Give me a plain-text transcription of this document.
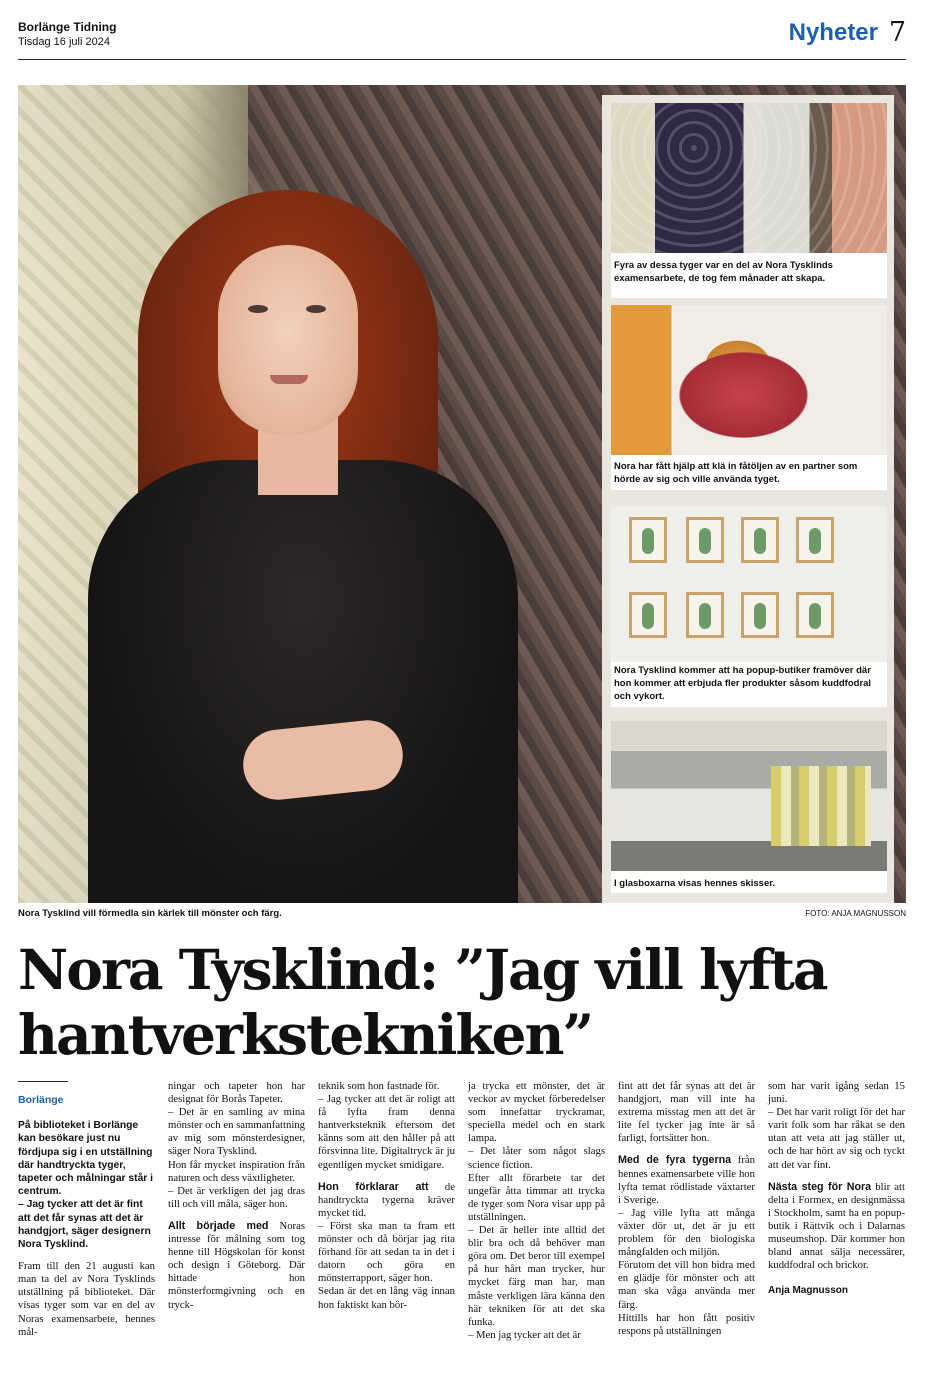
Borlänge Tidning
Tisdag 16 juli 2024	Nyheter 7
Fyra av dessa tyger var en del av Nora Tysklinds examensarbete, de tog fem månader att skapa.
Nora har fått hjälp att klä in fåtöljen av en partner som hörde av sig och ville använda tyget.
Nora Tysklind kommer att ha popup-butiker framöver där hon kommer att erbjuda fler produkter såsom kuddfodral och vykort.
I glasboxarna visas hennes skisser.
Nora Tysklind vill förmedla sin kärlek till mönster och färg.	FOTO: ANJA MAGNUSSON
Nora Tysklind: ”Jag vill lyfta hantverkstekniken”
Borlänge

På biblioteket i Borlänge kan besökare just nu fördjupa sig i en utställning där handtryckta tyger, tapeter och målningar står i centrum.

– Jag tycker att det är fint att det får synas att det är handgjort, säger designern Nora Tysklind.

Fram till den 21 augusti kan man ta del av Nora Tysklinds utställning på biblioteket. Där visas tyger som var en del av Noras examensarbete, hennes mål-

ningar och tapeter hon har designat för Borås Tapeter.

– Det är en samling av mina mönster och en sammanfattning av mig som mönsterdesigner, säger Nora Tysklind.

Hon får mycket inspiration från naturen och dess växtligheter.

– Det är verkligen det jag dras till och vill måla, säger hon.

Allt började med Noras intresse för målning som tog henne till Högskolan för konst och design i Göteborg. Där hittade hon mönsterformgivning och en tryck-

teknik som hon fastnade för.

– Jag tycker att det är roligt att få lyfta fram denna hantverksteknik eftersom det känns som att den håller på att försvinna lite. Digitaltryck är ju egentligen mycket smidigare.

Hon förklarar att de handtryckta tygerna kräver mycket tid.

– Först ska man ta fram ett mönster och då börjar jag rita förhand för att sedan ta in det i datorn och göra en mönsterrapport, säger hon.

Sedan är det en lång väg innan hon faktiskt kan bör-

ja trycka ett mönster, det är veckor av mycket förberedelser som innefattar tryckramar, speciella medel och en stark lampa.

– Det låter som något slags science fiction.

Efter allt förarbete tar det ungefär åtta timmar att trycka de tyger som Nora visar upp på utställningen.

– Det är heller inte alltid det blir bra och då behöver man göra om. Det beror till exempel på hur hårt man trycker, hur mycket färg man har, man måste verkligen lära känna den här tekniken för att det ska funka.

– Men jag tycker att det är

fint att det får synas att det är handgjort, man vill inte ha extrema misstag men att det är lite fel tycker jag inte är så farligt, fortsätter hon.

Med de fyra tygerna från hennes examensarbete ville hon lyfta temat rödlistade växtarter i Sverige.

– Jag ville lyfta att många växter dör ut, det är ju ett problem för den biologiska mångfalden och miljön.

Förutom det vill hon bidra med en glädje för mönster och att man ska våga använda mer färg.

Hittills har hon fått positiv respons på utställningen

som har varit igång sedan 15 juni.

– Det har varit roligt för det har varit folk som har råkat se den utan att veta att jag ställer ut, och de har hört av sig och tyckt att det var fint.

Nästa steg för Nora blir att delta i Formex, en designmässa i Stockholm, samt ha en popup-butik i Rättvik och i Dalarnas museumshop. Där kommer hon bland annat sälja necessärer, kuddfodral och brickor.

Anja Magnusson
